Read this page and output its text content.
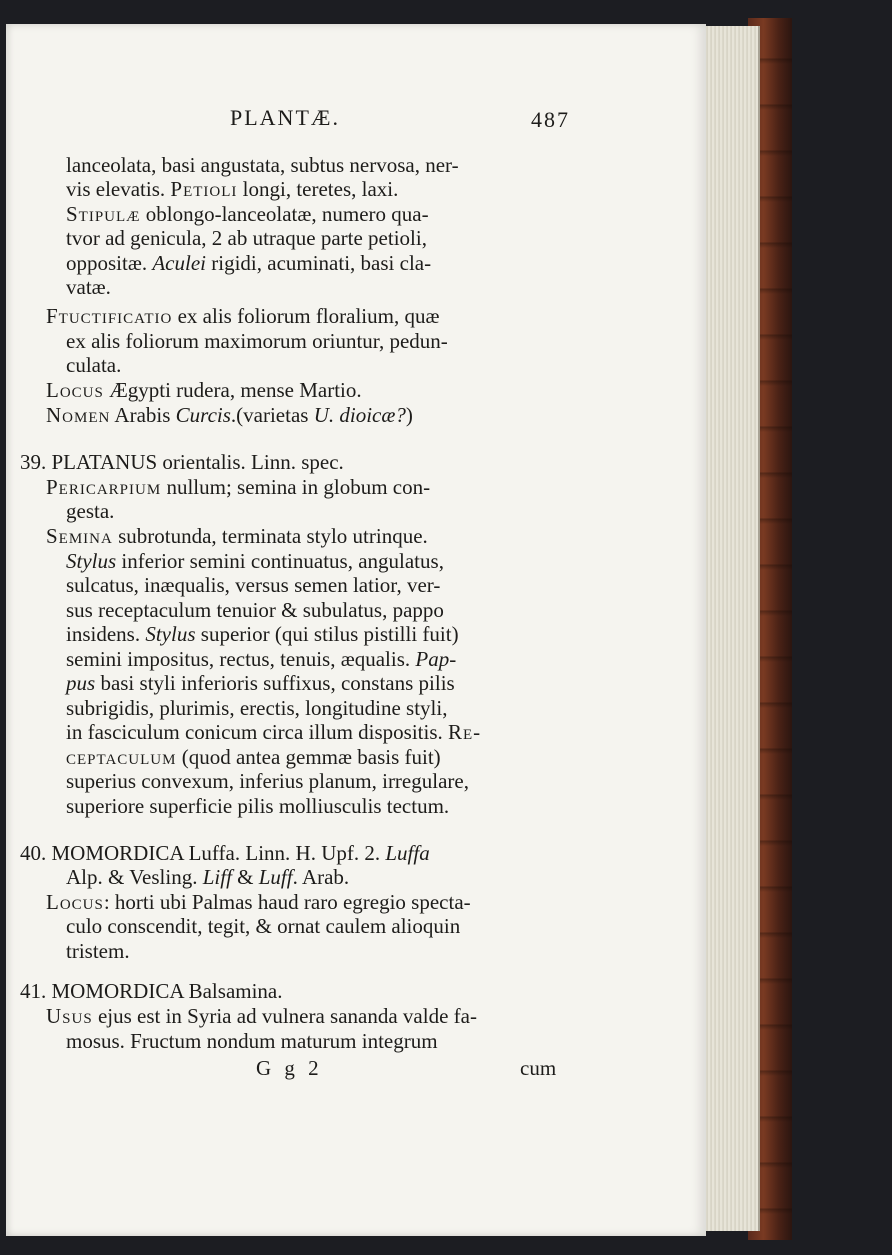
PLANTÆ.	487
lanceolata, basi angustata, subtus nervosa, ner-
vis elevatis. Petioli longi, teretes, laxi.
Stipulæ oblongo-lanceolatæ, numero qua-
tvor ad genicula, 2 ab utraque parte petioli,
oppositæ. Aculei rigidi, acuminati, basi cla-
vatæ.
Ftuctificatio ex alis foliorum floralium, quæ
ex alis foliorum maximorum oriuntur, pedun-
culata.
Locus Ægypti rudera, mense Martio.
Nomen Arabis Curcis.(varietas U. dioicæ?)
39. PLATANUS orientalis. Linn. spec.
Pericarpium nullum; semina in globum con-
gesta.
Semina subrotunda, terminata stylo utrinque.
Stylus inferior semini continuatus, angulatus,
sulcatus, inæqualis, versus semen latior, ver-
sus receptaculum tenuior & subulatus, pappo
insidens. Stylus superior (qui stilus pistilli fuit)
semini impositus, rectus, tenuis, æqualis. Pap-
pus basi styli inferioris suffixus, constans pilis
subrigidis, plurimis, erectis, longitudine styli,
in fasciculum conicum circa illum dispositis. Re-
ceptaculum (quod antea gemmæ basis fuit)
superius convexum, inferius planum, irregulare,
superiore superficie pilis molliusculis tectum.
40. MOMORDICA Luffa. Linn. H. Upf. 2. Luffa
Alp. & Vesling. Liff & Luff. Arab.
Locus: horti ubi Palmas haud raro egregio specta-
culo conscendit, tegit, & ornat caulem alioquin
tristem.
41. MOMORDICA Balsamina.
Usus ejus est in Syria ad vulnera sananda valde fa-
mosus. Fructum nondum maturum integrum
G g 2	cum
